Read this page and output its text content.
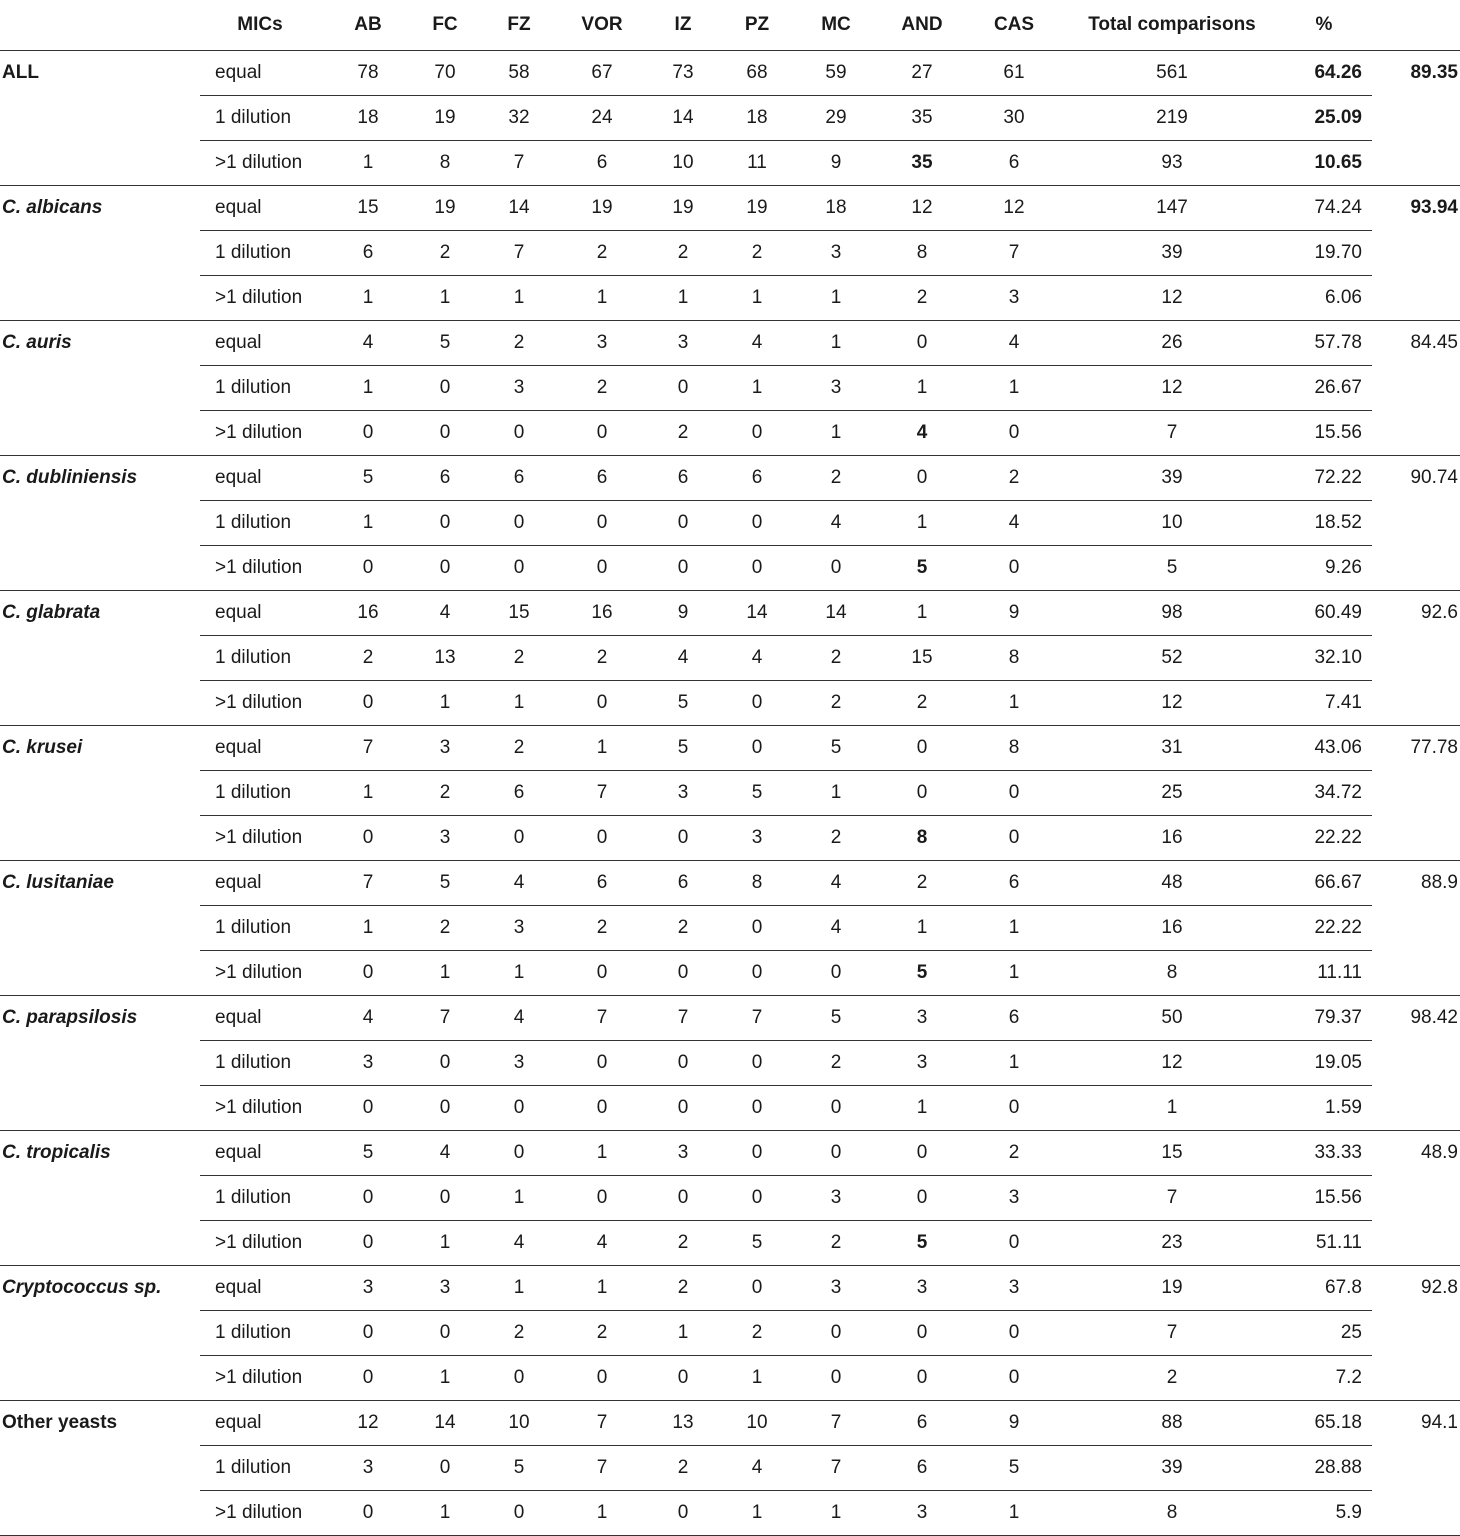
	MICs	AB	FC	FZ	VOR	IZ	PZ	MC	AND	CAS	Total comparisons	%	
ALL	equal	78	70	58	67	73	68	59	27	61	561	64.26	89.35
	1 dilution	18	19	32	24	14	18	29	35	30	219	25.09	
	>1 dilution	1	8	7	6	10	11	9	35	6	93	10.65	
C. albicans	equal	15	19	14	19	19	19	18	12	12	147	74.24	93.94
	1 dilution	6	2	7	2	2	2	3	8	7	39	19.70	
	>1 dilution	1	1	1	1	1	1	1	2	3	12	6.06	
C. auris	equal	4	5	2	3	3	4	1	0	4	26	57.78	84.45
	1 dilution	1	0	3	2	0	1	3	1	1	12	26.67	
	>1 dilution	0	0	0	0	2	0	1	4	0	7	15.56	
C. dubliniensis	equal	5	6	6	6	6	6	2	0	2	39	72.22	90.74
	1 dilution	1	0	0	0	0	0	4	1	4	10	18.52	
	>1 dilution	0	0	0	0	0	0	0	5	0	5	9.26	
C. glabrata	equal	16	4	15	16	9	14	14	1	9	98	60.49	92.6
	1 dilution	2	13	2	2	4	4	2	15	8	52	32.10	
	>1 dilution	0	1	1	0	5	0	2	2	1	12	7.41	
C. krusei	equal	7	3	2	1	5	0	5	0	8	31	43.06	77.78
	1 dilution	1	2	6	7	3	5	1	0	0	25	34.72	
	>1 dilution	0	3	0	0	0	3	2	8	0	16	22.22	
C. lusitaniae	equal	7	5	4	6	6	8	4	2	6	48	66.67	88.9
	1 dilution	1	2	3	2	2	0	4	1	1	16	22.22	
	>1 dilution	0	1	1	0	0	0	0	5	1	8	11.11	
C. parapsilosis	equal	4	7	4	7	7	7	5	3	6	50	79.37	98.42
	1 dilution	3	0	3	0	0	0	2	3	1	12	19.05	
	>1 dilution	0	0	0	0	0	0	0	1	0	1	1.59	
C. tropicalis	equal	5	4	0	1	3	0	0	0	2	15	33.33	48.9
	1 dilution	0	0	1	0	0	0	3	0	3	7	15.56	
	>1 dilution	0	1	4	4	2	5	2	5	0	23	51.11	
Cryptococcus sp.	equal	3	3	1	1	2	0	3	3	3	19	67.8	92.8
	1 dilution	0	0	2	2	1	2	0	0	0	7	25	
	>1 dilution	0	1	0	0	0	1	0	0	0	2	7.2	
Other yeasts	equal	12	14	10	7	13	10	7	6	9	88	65.18	94.1
	1 dilution	3	0	5	7	2	4	7	6	5	39	28.88	
	>1 dilution	0	1	0	1	0	1	1	3	1	8	5.9	
